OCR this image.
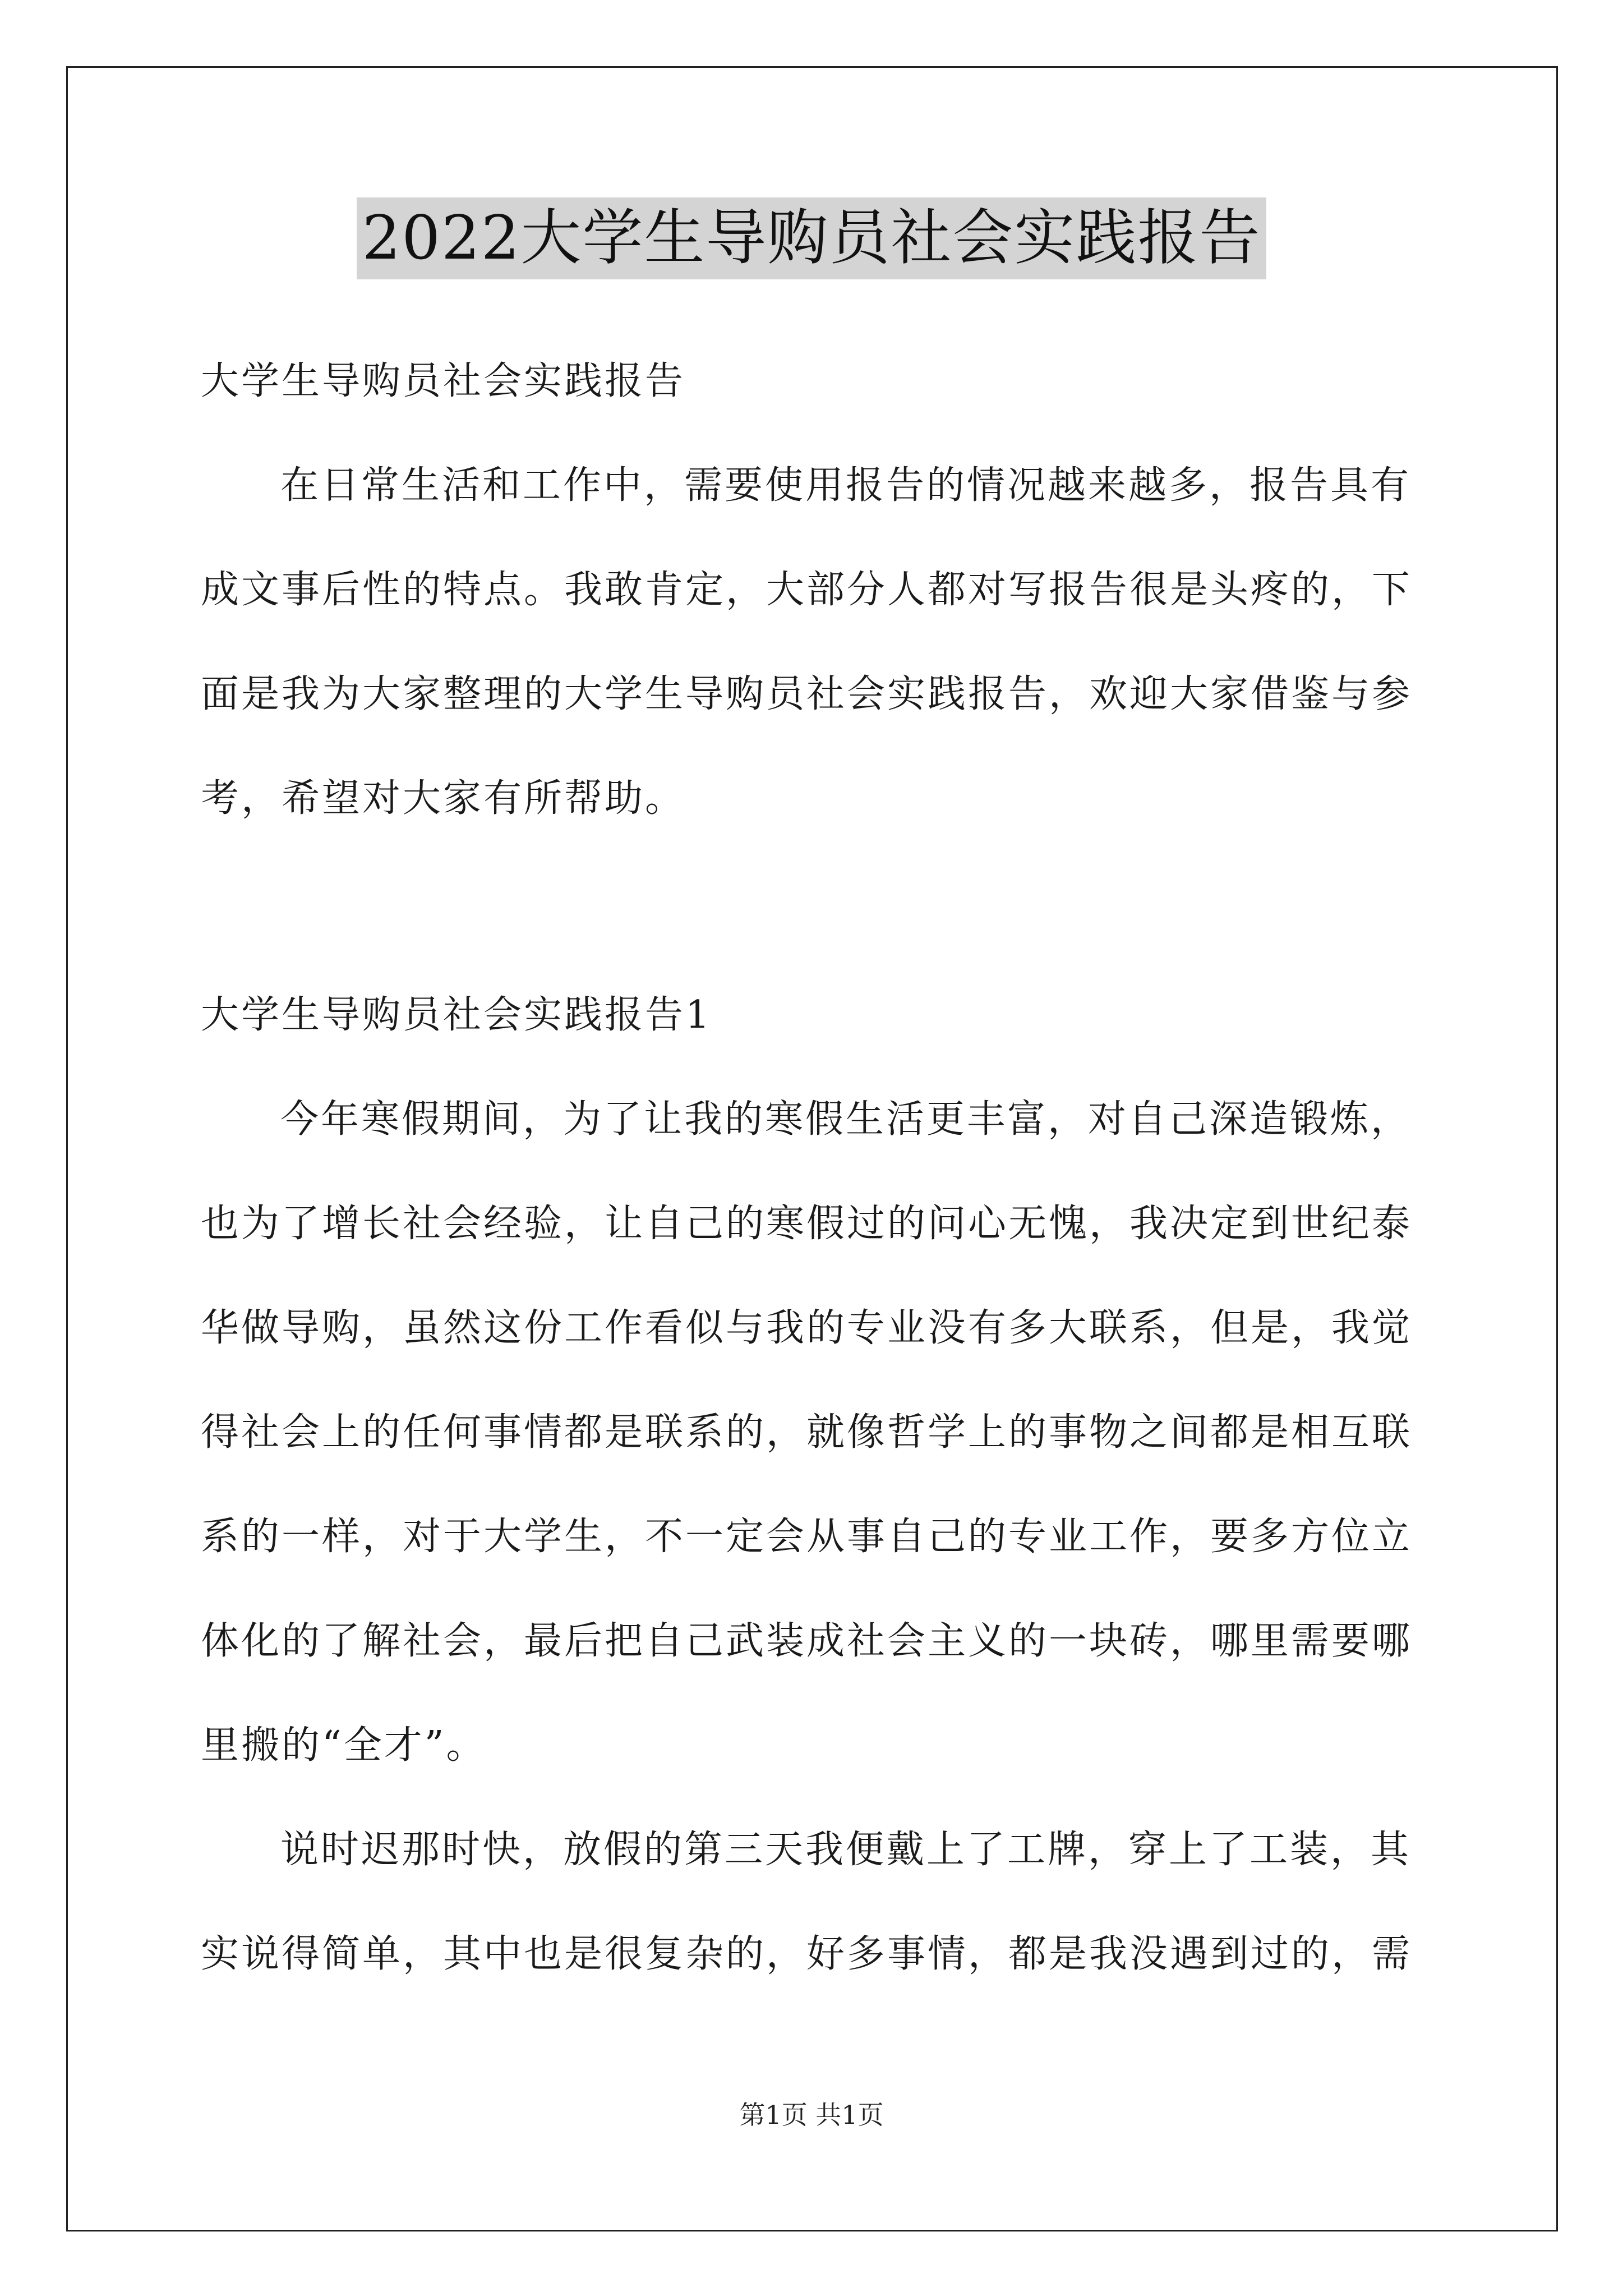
2022大学生导购员社会实践报告
大学生导购员社会实践报告
在日常生活和工作中，需要使用报告的情况越来越多，报告具有
成文事后性的特点。我敢肯定，大部分人都对写报告很是头疼的，下
面是我为大家整理的大学生导购员社会实践报告，欢迎大家借鉴与参
考，希望对大家有所帮助。
大学生导购员社会实践报告1
今年寒假期间，为了让我的寒假生活更丰富，对自己深造锻炼，
也为了增长社会经验，让自己的寒假过的问心无愧，我决定到世纪泰
华做导购，虽然这份工作看似与我的专业没有多大联系，但是，我觉
得社会上的任何事情都是联系的，就像哲学上的事物之间都是相互联
系的一样，对于大学生，不一定会从事自己的专业工作，要多方位立
体化的了解社会，最后把自己武装成社会主义的一块砖，哪里需要哪
里搬的“全才”。
说时迟那时快，放假的第三天我便戴上了工牌，穿上了工装，其
实说得简单，其中也是很复杂的，好多事情，都是我没遇到过的，需
第1页 共1页
